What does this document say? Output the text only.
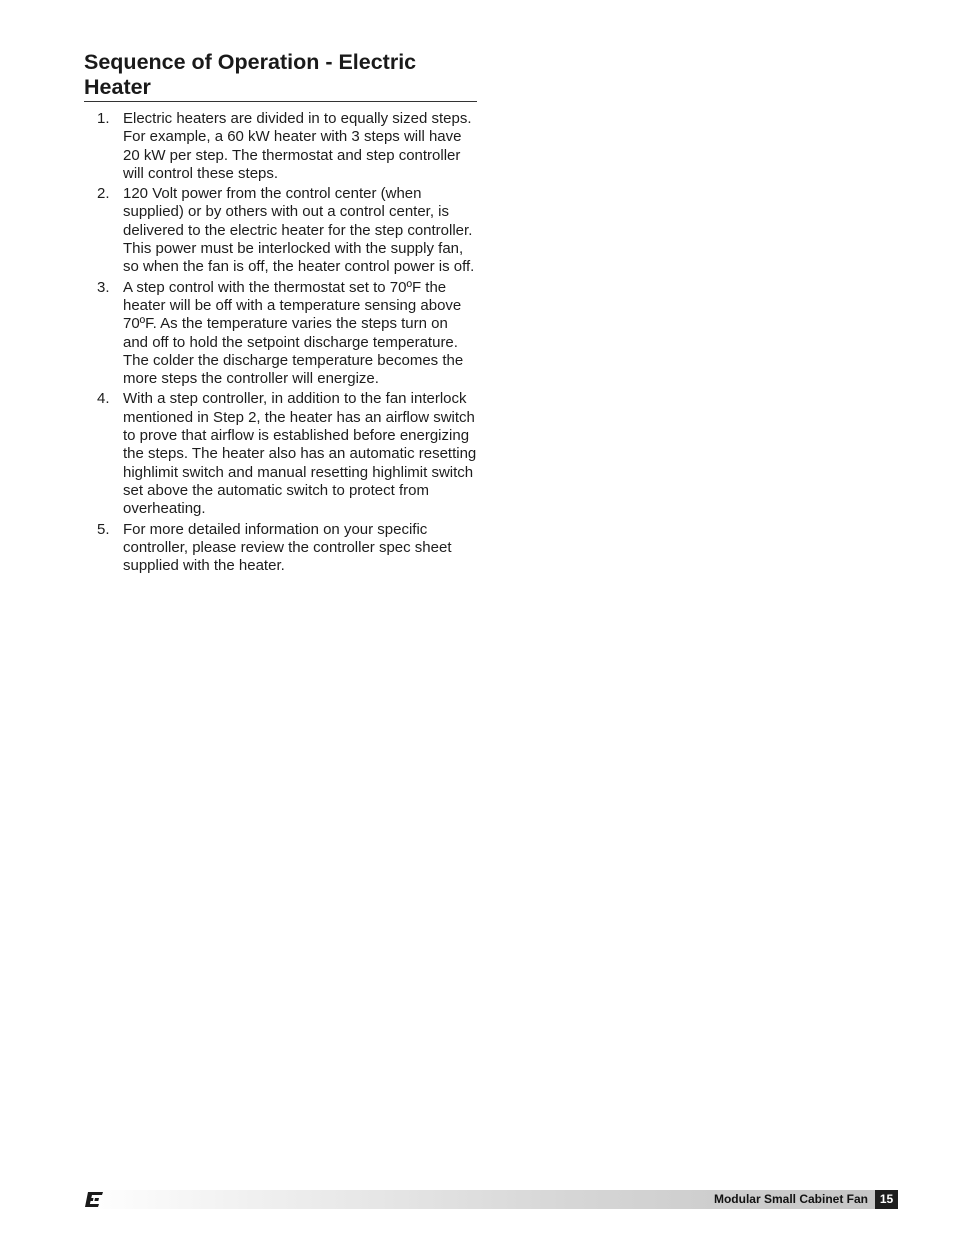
Sequence of Operation - Electric
Heater
1. Electric heaters are divided in to equally sized steps. For example, a 60 kW heater with 3 steps will have 20 kW per step. The thermostat and step controller will control these steps.
2. 120 Volt power from the control center (when supplied) or by others with out a control center, is delivered to the electric heater for the step controller. This power must be interlocked with the supply fan, so when the fan is off, the heater control power is off.
3. A step control with the thermostat set to 70ºF the heater will be off with a temperature sensing above 70ºF. As the temperature varies the steps turn on and off to hold the setpoint discharge temperature. The colder the discharge temperature becomes the more steps the controller will energize.
4. With a step controller, in addition to the fan interlock mentioned in Step 2, the heater has an airflow switch to prove that airflow is established before energizing the steps. The heater also has an automatic resetting highlimit switch and manual resetting highlimit switch set above the automatic switch to protect from overheating.
5. For more detailed information on your specific controller, please review the controller spec sheet supplied with the heater.
Modular Small Cabinet Fan 15
